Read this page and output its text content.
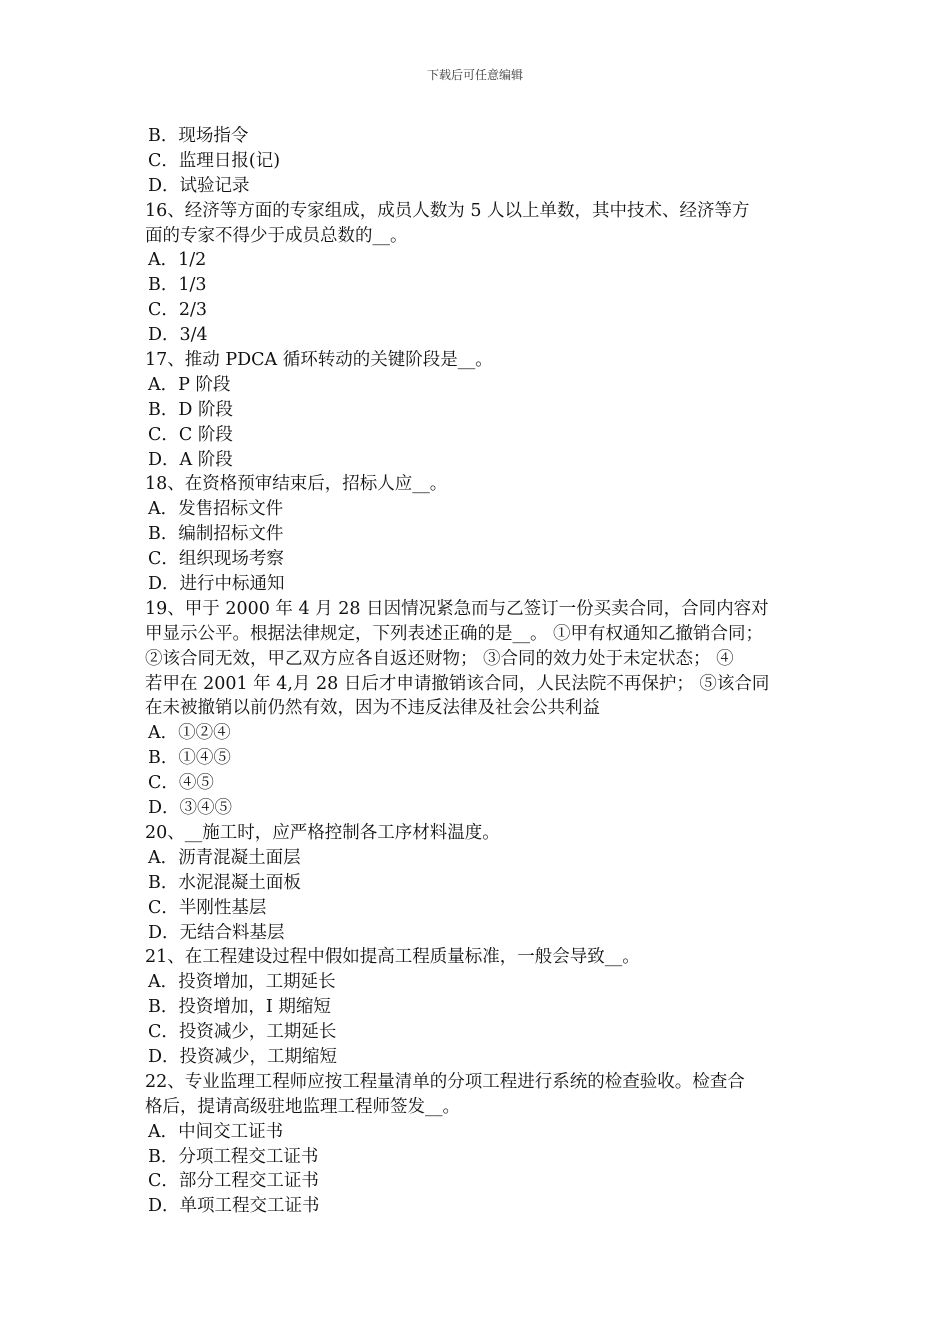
下载后可任意编辑
B．现场指令
C．监理日报(记)
D．试验记录
16、经济等方面的专家组成，成员人数为 5 人以上单数，其中技术、经济等方
面的专家不得少于成员总数的__。
A．1/2
B．1/3
C．2/3
D．3/4
17、推动 PDCA 循环转动的关键阶段是__。
A．P 阶段
B．D 阶段
C．C 阶段
D．A 阶段
18、在资格预审结束后，招标人应__。
A．发售招标文件
B．编制招标文件
C．组织现场考察
D．进行中标通知
19、甲于 2000 年 4 月 28 日因情况紧急而与乙签订一份买卖合同，合同内容对
甲显示公平。根据法律规定，下列表述正确的是__。 ①甲有权通知乙撤销合同；
②该合同无效，甲乙双方应各自返还财物； ③合同的效力处于未定状态； ④
若甲在 2001 年 4,月 28 日后才申请撤销该合同，人民法院不再保护； ⑤该合同
在未被撤销以前仍然有效，因为不违反法律及社会公共利益
A．①②④
B．①④⑤
C．④⑤
D．③④⑤
20、__施工时，应严格控制各工序材料温度。
A．沥青混凝土面层
B．水泥混凝土面板
C．半刚性基层
D．无结合料基层
21、在工程建设过程中假如提高工程质量标准，一般会导致__。
A．投资增加，工期延长
B．投资增加，I 期缩短
C．投资减少，工期延长
D．投资减少，工期缩短
22、专业监理工程师应按工程量清单的分项工程进行系统的检查验收。检查合
格后，提请高级驻地监理工程师签发__。
A．中间交工证书
B．分项工程交工证书
C．部分工程交工证书
D．单项工程交工证书
